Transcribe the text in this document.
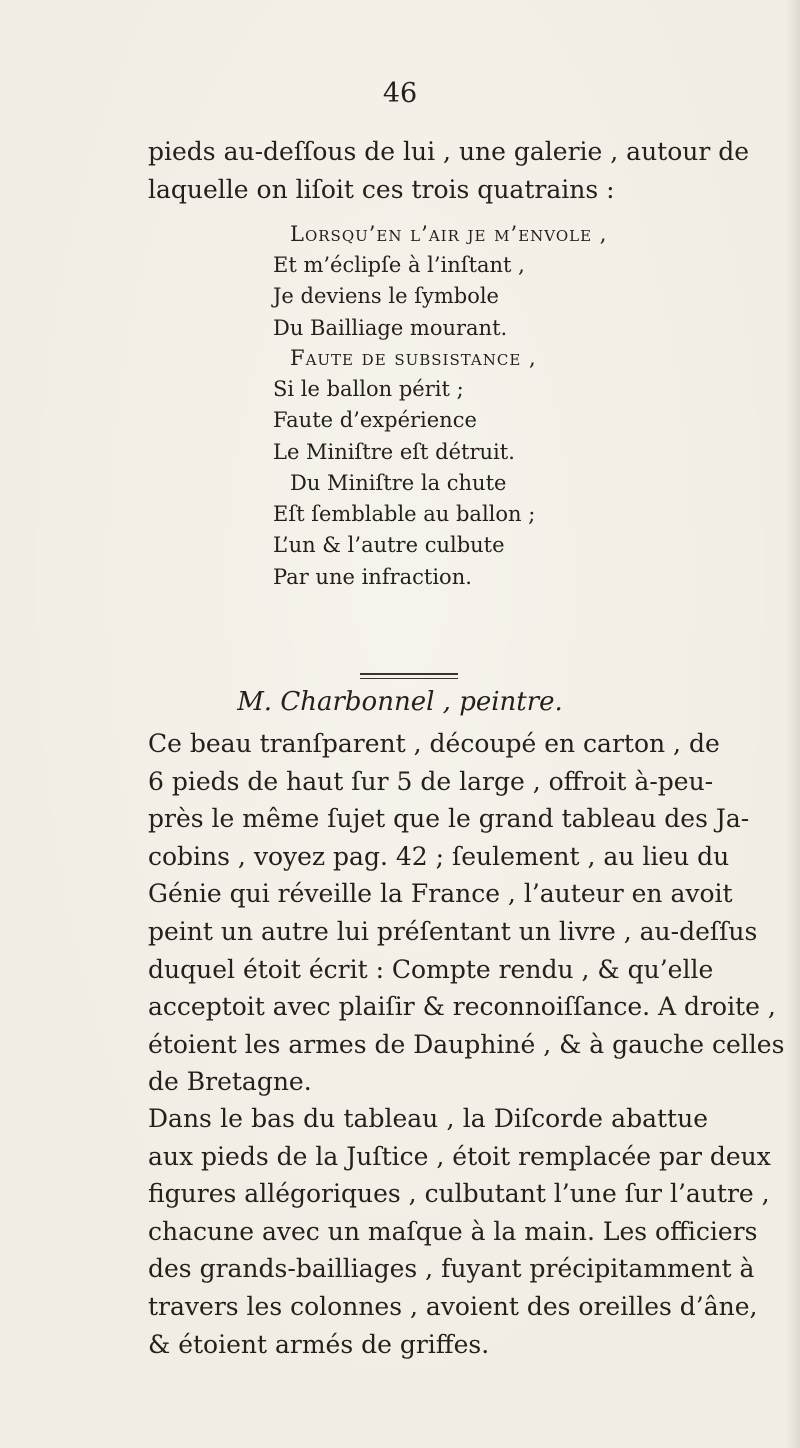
46
pieds au-deſſous de lui , une galerie , autour de
laquelle on liſoit ces trois quatrains :
Lorsqu’en l’air je m’envole ,
Et m’éclipſe à l’inſtant ,
Je deviens le ſymbole
Du Bailliage mourant.
Faute de ſubſiſtance ,
Si le ballon périt ;
Faute d’expérience
Le Miniſtre eſt détruit.
Du Miniſtre la chute
Eſt ſemblable au ballon ;
L’un & l’autre culbute
Par une infraction.
M. Charbonnel , peintre.
Ce beau tranſparent , découpé en carton , de
6 pieds de haut ſur 5 de large , offroit à-peu-
près le même ſujet que le grand tableau des Ja-
cobins , voyez pag. 42 ; ſeulement , au lieu du
Génie qui réveille la France , l’auteur en avoit
peint un autre lui préſentant un livre , au-deſſus
duquel étoit écrit : Compte rendu , & qu’elle
acceptoit avec plaiſir & reconnoiſſance. A droite ,
étoient les armes de Dauphiné , & à gauche celles
de Bretagne.
Dans le bas du tableau , la Diſcorde abattue
aux pieds de la Juſtice , étoit remplacée par deux
figures allégoriques , culbutant l’une ſur l’autre ,
chacune avec un maſque à la main. Les officiers
des grands-bailliages , fuyant précipitamment à
travers les colonnes , avoient des oreilles d’âne,
& étoient armés de griffes.
